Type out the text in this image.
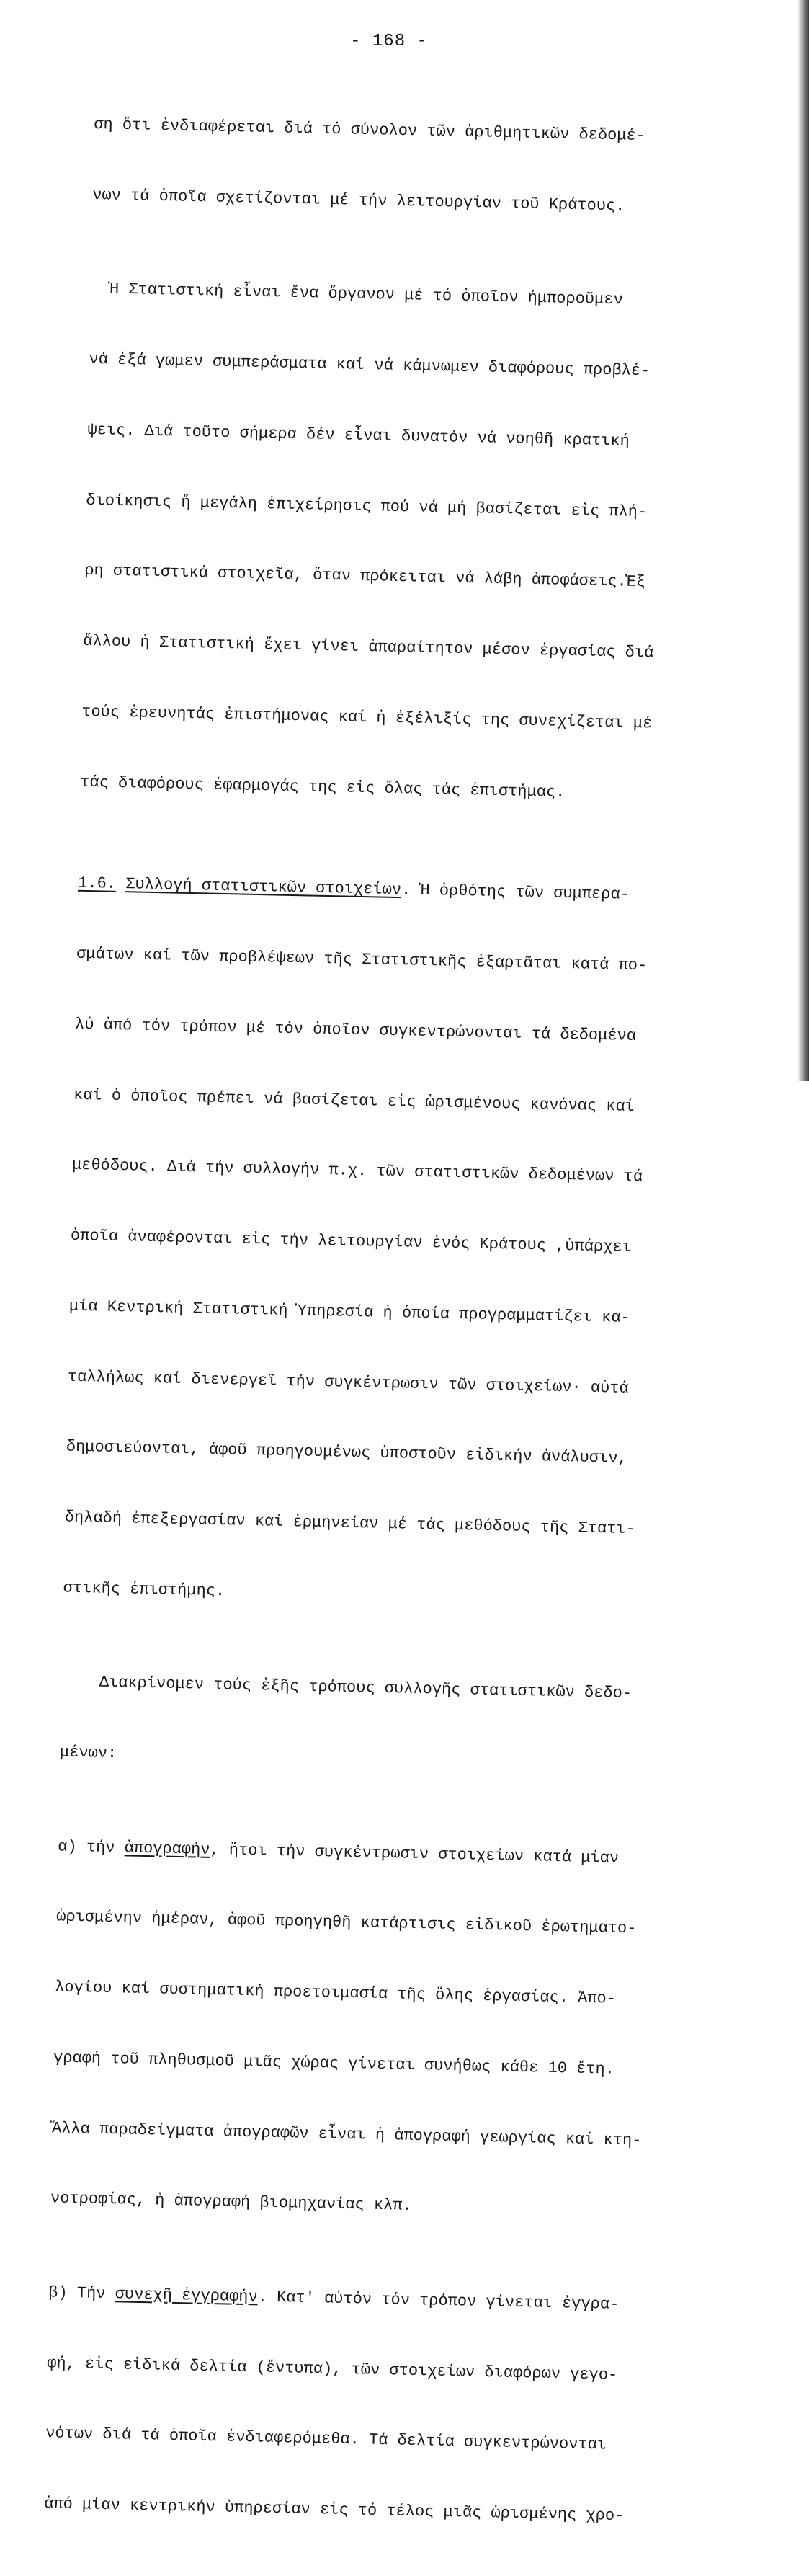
- 168 -

ση ὅτι ἐνδιαφέρεται διά τό σύνολον τῶν ἀριθμητικῶν δεδομέ-

νων τά ὁποῖα σχετίζονται μέ τήν λειτουργίαν τοῦ Κράτους.

Ἡ Στατιστική εἶναι ἕνα ὄργανον μέ τό ὁποῖον ἠμποροῦμεν

νά ἐξά γωμεν συμπεράσματα καί νά κάμνωμεν διαφόρους προβλέ-

ψεις. Διά τοῦτο σήμερα δέν εἶναι δυνατόν νά νοηθῆ κρατική

διοίκησις ἤ μεγάλη ἐπιχείρησις πού νά μή βασίζεται εἰς πλή-

ρη στατιστικά στοιχεῖα, ὅταν πρόκειται νά λάβη ἀποφάσεις.Ἐξ

ἄλλου ἡ Στατιστική ἔχει γίνει ἀπαραίτητον μέσον ἐργασίας διά

τούς ἐρευνητάς ἐπιστήμονας καί ἡ ἐξέλιξίς της συνεχίζεται μέ

τάς διαφόρους ἐφαρμογάς της εἰς ὅλας τάς ἐπιστήμας.

1.6. Συλλογή στατιστικῶν στοιχείων. Ἡ ὀρθότης τῶν συμπερα-

σμάτων καί τῶν προβλέψεων τῆς Στατιστικῆς ἐξαρτᾶται κατά πο-

λύ ἀπό τόν τρόπον μέ τόν ὁποῖον συγκεντρώνονται τά δεδομένα

καί ὁ ὁποῖος πρέπει νά βασίζεται εἰς ὡρισμένους κανόνας καί

μεθόδους. Διά τήν συλλογήν π.χ. τῶν στατιστικῶν δεδομένων τά

ὁποῖα ἀναφέρονται εἰς τήν λειτουργίαν ἑνός Κράτους ,ὑπάρχει

μία Κεντρική Στατιστική Ὑπηρεσία ἡ ὁποία προγραμματίζει κα-

ταλλήλως καί διενεργεῖ τήν συγκέντρωσιν τῶν στοιχείων· αὐτά

δημοσιεύονται, ἀφοῦ προηγουμένως ὑποστοῦν εἰδικήν ἀνάλυσιν,

δηλαδή ἐπεξεργασίαν καί ἑρμηνείαν μέ τάς μεθόδους τῆς Στατι-

στικῆς ἐπιστήμης.

Διακρίνομεν τούς ἑξῆς τρόπους συλλογῆς στατιστικῶν δεδο-

μένων:

α) τήν ἀπογραφήν, ἤτοι τήν συγκέντρωσιν στοιχείων κατά μίαν

ὡρισμένην ἡμέραν, ἀφοῦ προηγηθῆ κατάρτισις εἰδικοῦ ἐρωτηματο-

λογίου καί συστηματική προετοιμασία τῆς ὅλης ἐργασίας. Ἀπο-

γραφή τοῦ πληθυσμοῦ μιᾶς χώρας γίνεται συνήθως κάθε 10 ἔτη.

Ἄλλα παραδείγματα ἀπογραφῶν εἶναι ἡ ἀπογραφή γεωργίας καί κτη-

νοτροφίας, ἡ ἀπογραφή βιομηχανίας κλπ.

β) Τήν συνεχῆ ἐγγραφήν. Κατ' αὐτόν τόν τρόπον γίνεται ἐγγρα-

φή, εἰς εἰδικά δελτία (ἔντυπα), τῶν στοιχείων διαφόρων γεγο-

νότων διά τά ὁποῖα ἐνδιαφερόμεθα. Τά δελτία συγκεντρώνονται

ἀπό μίαν κεντρικήν ὑπηρεσίαν εἰς τό τέλος μιᾶς ὡρισμένης χρο-
